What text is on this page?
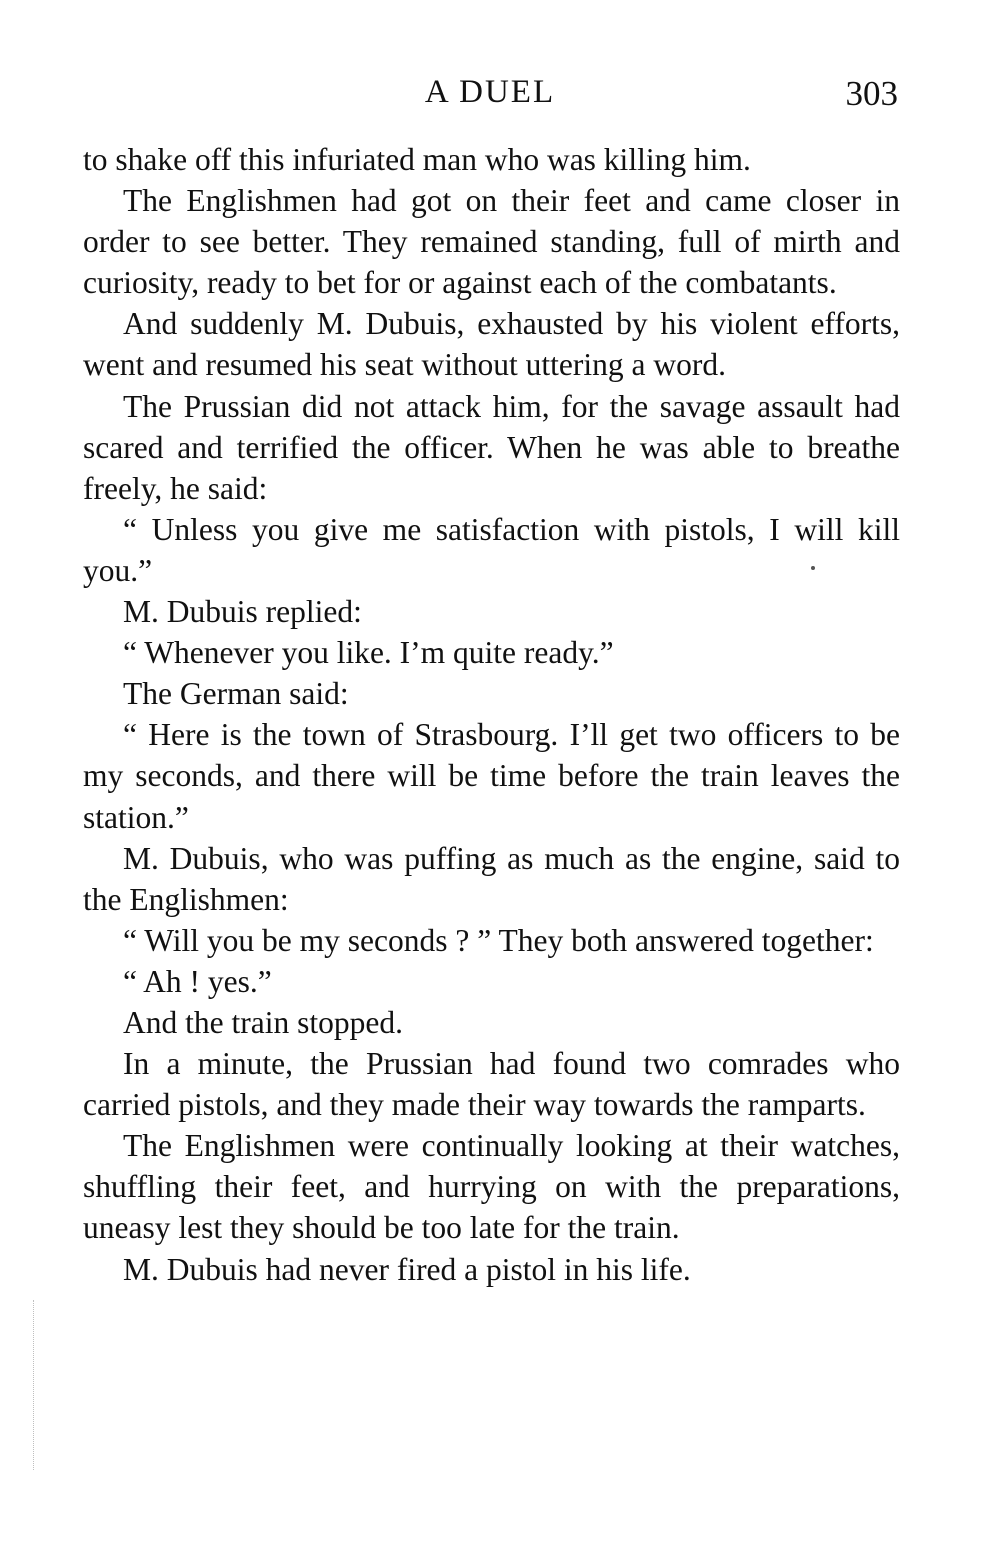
A DUEL	303

to shake off this infuriated man who was killing him.

The Englishmen had got on their feet and came closer in order to see better. They remained standing, full of mirth and curiosity, ready to bet for or against each of the combatants.

And suddenly M. Dubuis, exhausted by his violent efforts, went and resumed his seat without uttering a word.

The Prussian did not attack him, for the savage assault had scared and terrified the officer. When he was able to breathe freely, he said:

“ Unless you give me satisfaction with pistols, I will kill you.”

M. Dubuis replied:

“ Whenever you like. I’m quite ready.”

The German said:

“ Here is the town of Strasbourg. I’ll get two officers to be my seconds, and there will be time before the train leaves the station.”

M. Dubuis, who was puffing as much as the engine, said to the Englishmen:

“ Will you be my seconds ? ” They both answered together:

“ Ah ! yes.”

And the train stopped.

In a minute, the Prussian had found two comrades who carried pistols, and they made their way towards the ramparts.

The Englishmen were continually looking at their watches, shuffling their feet, and hurrying on with the preparations, uneasy lest they should be too late for the train.

M. Dubuis had never fired a pistol in his life.
